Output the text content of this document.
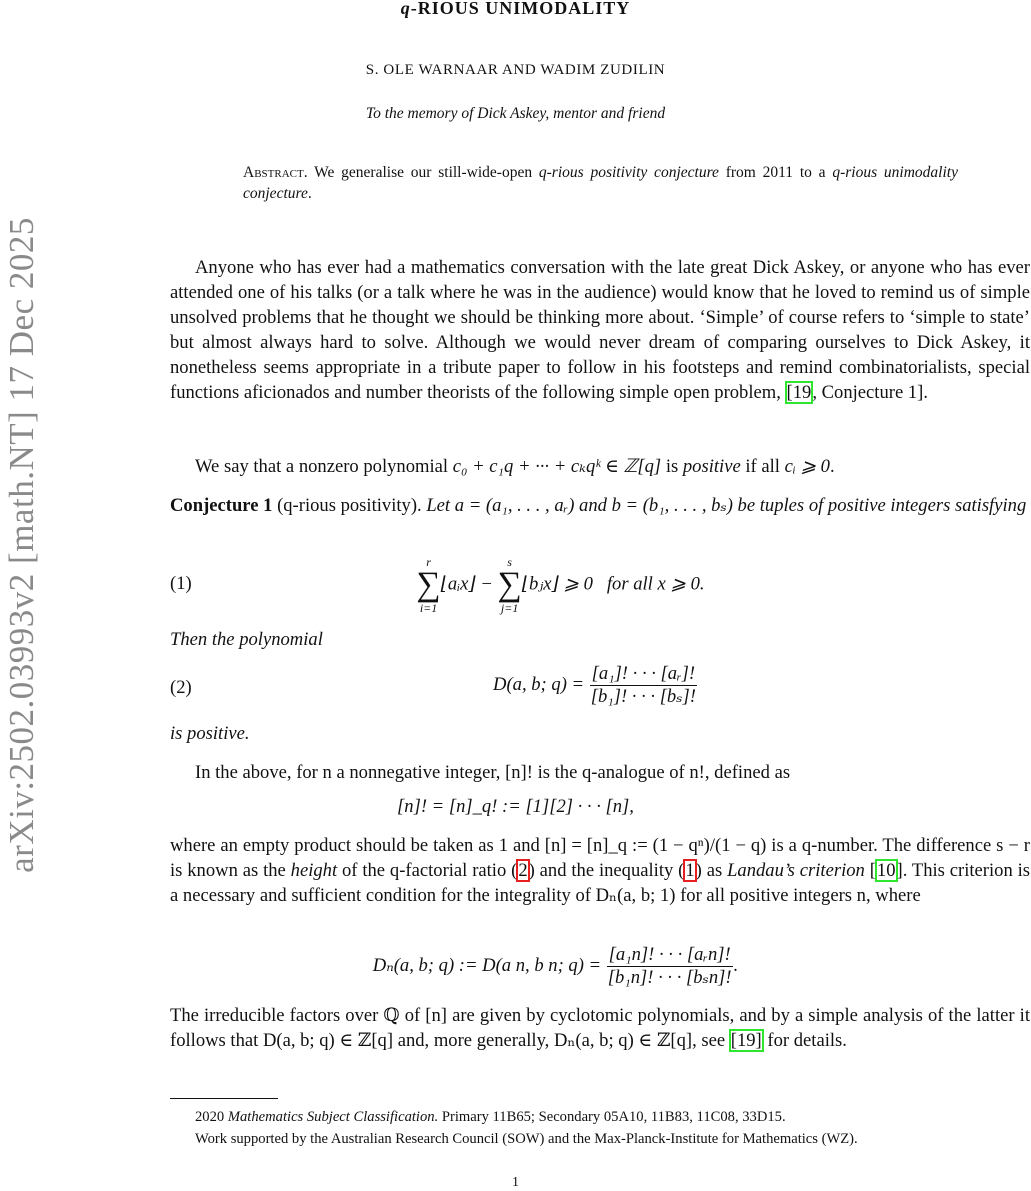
arXiv:2502.03993v2 [math.NT] 17 Dec 2025
q-RIOUS UNIMODALITY
S. OLE WARNAAR AND WADIM ZUDILIN
To the memory of Dick Askey, mentor and friend
Abstract. We generalise our still-wide-open q-rious positivity conjecture from 2011 to a q-rious unimodality conjecture.
Anyone who has ever had a mathematics conversation with the late great Dick Askey, or anyone who has ever attended one of his talks (or a talk where he was in the audience) would know that he loved to remind us of simple unsolved problems that he thought we should be thinking more about. ‘Simple’ of course refers to ‘simple to state’ but almost always hard to solve. Although we would never dream of comparing ourselves to Dick Askey, it nonetheless seems appropriate in a tribute paper to follow in his footsteps and remind combinatorialists, special functions aficionados and number theorists of the following simple open problem, [19, Conjecture 1].
We say that a nonzero polynomial c₀ + c₁q + ··· + cₖqᵏ ∈ ℤ[q] is positive if all cᵢ ⩾ 0.
Conjecture 1 (q-rious positivity). Let a = (a₁, . . . , aᵣ) and b = (b₁, . . . , bₛ) be tuples of positive integers satisfying
(1)
r
∑
i=1
⌊aᵢx⌋ −
s
∑
j=1
⌊bⱼx⌋ ⩾ 0 for all x ⩾ 0.
Then the polynomial
(2)	D(a, b; $q) = \frac{\text{[a₁]! · · · [aᵣ]!}}{\text{[b₁]! · · · [bₛ]!}}$
is positive.
In the above, for n a nonnegative integer, [n]! is the q-analogue of n!, defined as
[n]! = [n]_q! := [1][2] · · · [n],
where an empty product should be taken as 1 and [n] = [n]_q := (1 − qⁿ)/(1 − q) is a q-number. The difference s − r is known as the height of the q-factorial ratio (2) and the inequality (1) as Landau’s criterion [10]. This criterion is a necessary and sufficient condition for the integrality of Dₙ(a, b; 1) for all positive integers n, where
Dₙ(a, b; q) := D(a n, b n; $q) = \frac{\text{[a₁n]! · · · [aᵣn]!}}{\text{[b₁n]! · · · [bₛn]!}}$ .
The irreducible factors over ℚ of [n] are given by cyclotomic polynomials, and by a simple analysis of the latter it follows that D(a, b; q) ∈ ℤ[q] and, more generally, Dₙ(a, b; q) ∈ ℤ[q], see [19] for details.
2020 Mathematics Subject Classification. Primary 11B65; Secondary 05A10, 11B83, 11C08, 33D15.
Work supported by the Australian Research Council (SOW) and the Max-Planck-Institute for Mathematics (WZ).
1
